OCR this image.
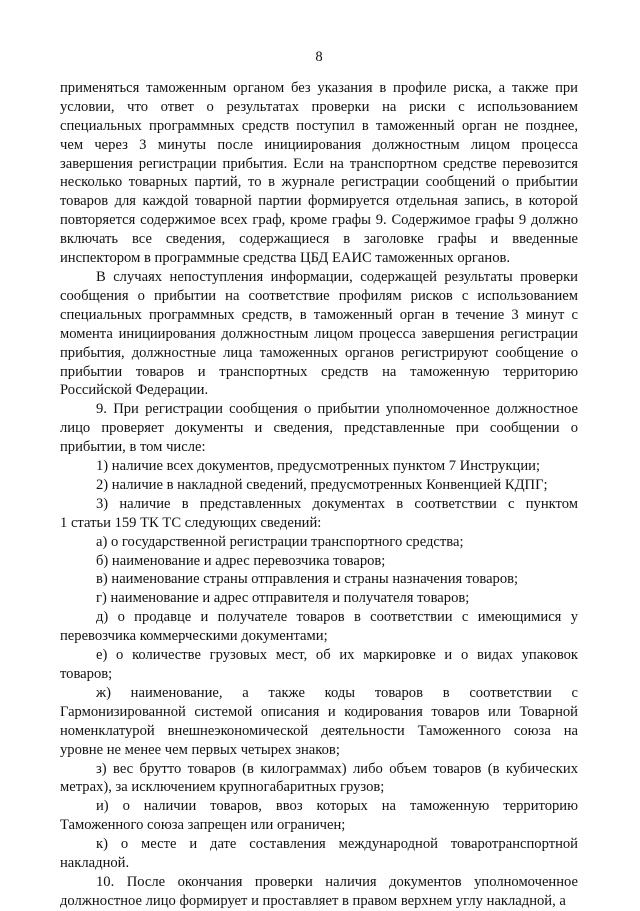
8
применяться таможенным органом без указания в профиле риска, а также при
условии, что ответ о результатах проверки на риски с использованием
специальных программных средств поступил в таможенный орган не позднее,
чем через 3 минуты после инициирования должностным лицом процесса
завершения регистрации прибытия. Если на транспортном средстве перевозится
несколько товарных партий, то в журнале регистрации сообщений о прибытии
товаров для каждой товарной партии формируется отдельная запись, в которой
повторяется содержимое всех граф, кроме графы 9. Содержимое графы 9 должно
включать все сведения, содержащиеся в заголовке графы и введенные
инспектором в программные средства ЦБД ЕАИС таможенных органов.
В случаях непоступления информации, содержащей результаты проверки
сообщения о прибытии на соответствие профилям рисков с использованием
специальных программных средств, в таможенный орган в течение 3 минут с
момента инициирования должностным лицом процесса завершения регистрации
прибытия, должностные лица таможенных органов регистрируют сообщение о
прибытии товаров и транспортных средств на таможенную территорию
Российской Федерации.
9. При регистрации сообщения о прибытии уполномоченное должностное
лицо проверяет документы и сведения, представленные при сообщении о
прибытии, в том числе:
1) наличие всех документов, предусмотренных пунктом 7 Инструкции;
2) наличие в накладной сведений, предусмотренных Конвенцией КДПГ;
3) наличие в представленных документах в соответствии с пунктом
1 статьи 159 ТК ТС следующих сведений:
а) о государственной регистрации транспортного средства;
б) наименование и адрес перевозчика товаров;
в) наименование страны отправления и страны назначения товаров;
г) наименование и адрес отправителя и получателя товаров;
д) о продавце и получателе товаров в соответствии с имеющимися у
перевозчика коммерческими документами;
е) о количестве грузовых мест, об их маркировке и о видах упаковок
товаров;
ж) наименование, а также коды товаров в соответствии с
Гармонизированной системой описания и кодирования товаров или Товарной
номенклатурой внешнеэкономической деятельности Таможенного союза на
уровне не менее чем первых четырех знаков;
з) вес брутто товаров (в килограммах) либо объем товаров (в кубических
метрах), за исключением крупногабаритных грузов;
и) о наличии товаров, ввоз которых на таможенную территорию
Таможенного союза запрещен или ограничен;
к) о месте и дате составления международной товаротранспортной
накладной.
10. После окончания проверки наличия документов уполномоченное
должностное лицо формирует и проставляет в правом верхнем углу накладной, а
